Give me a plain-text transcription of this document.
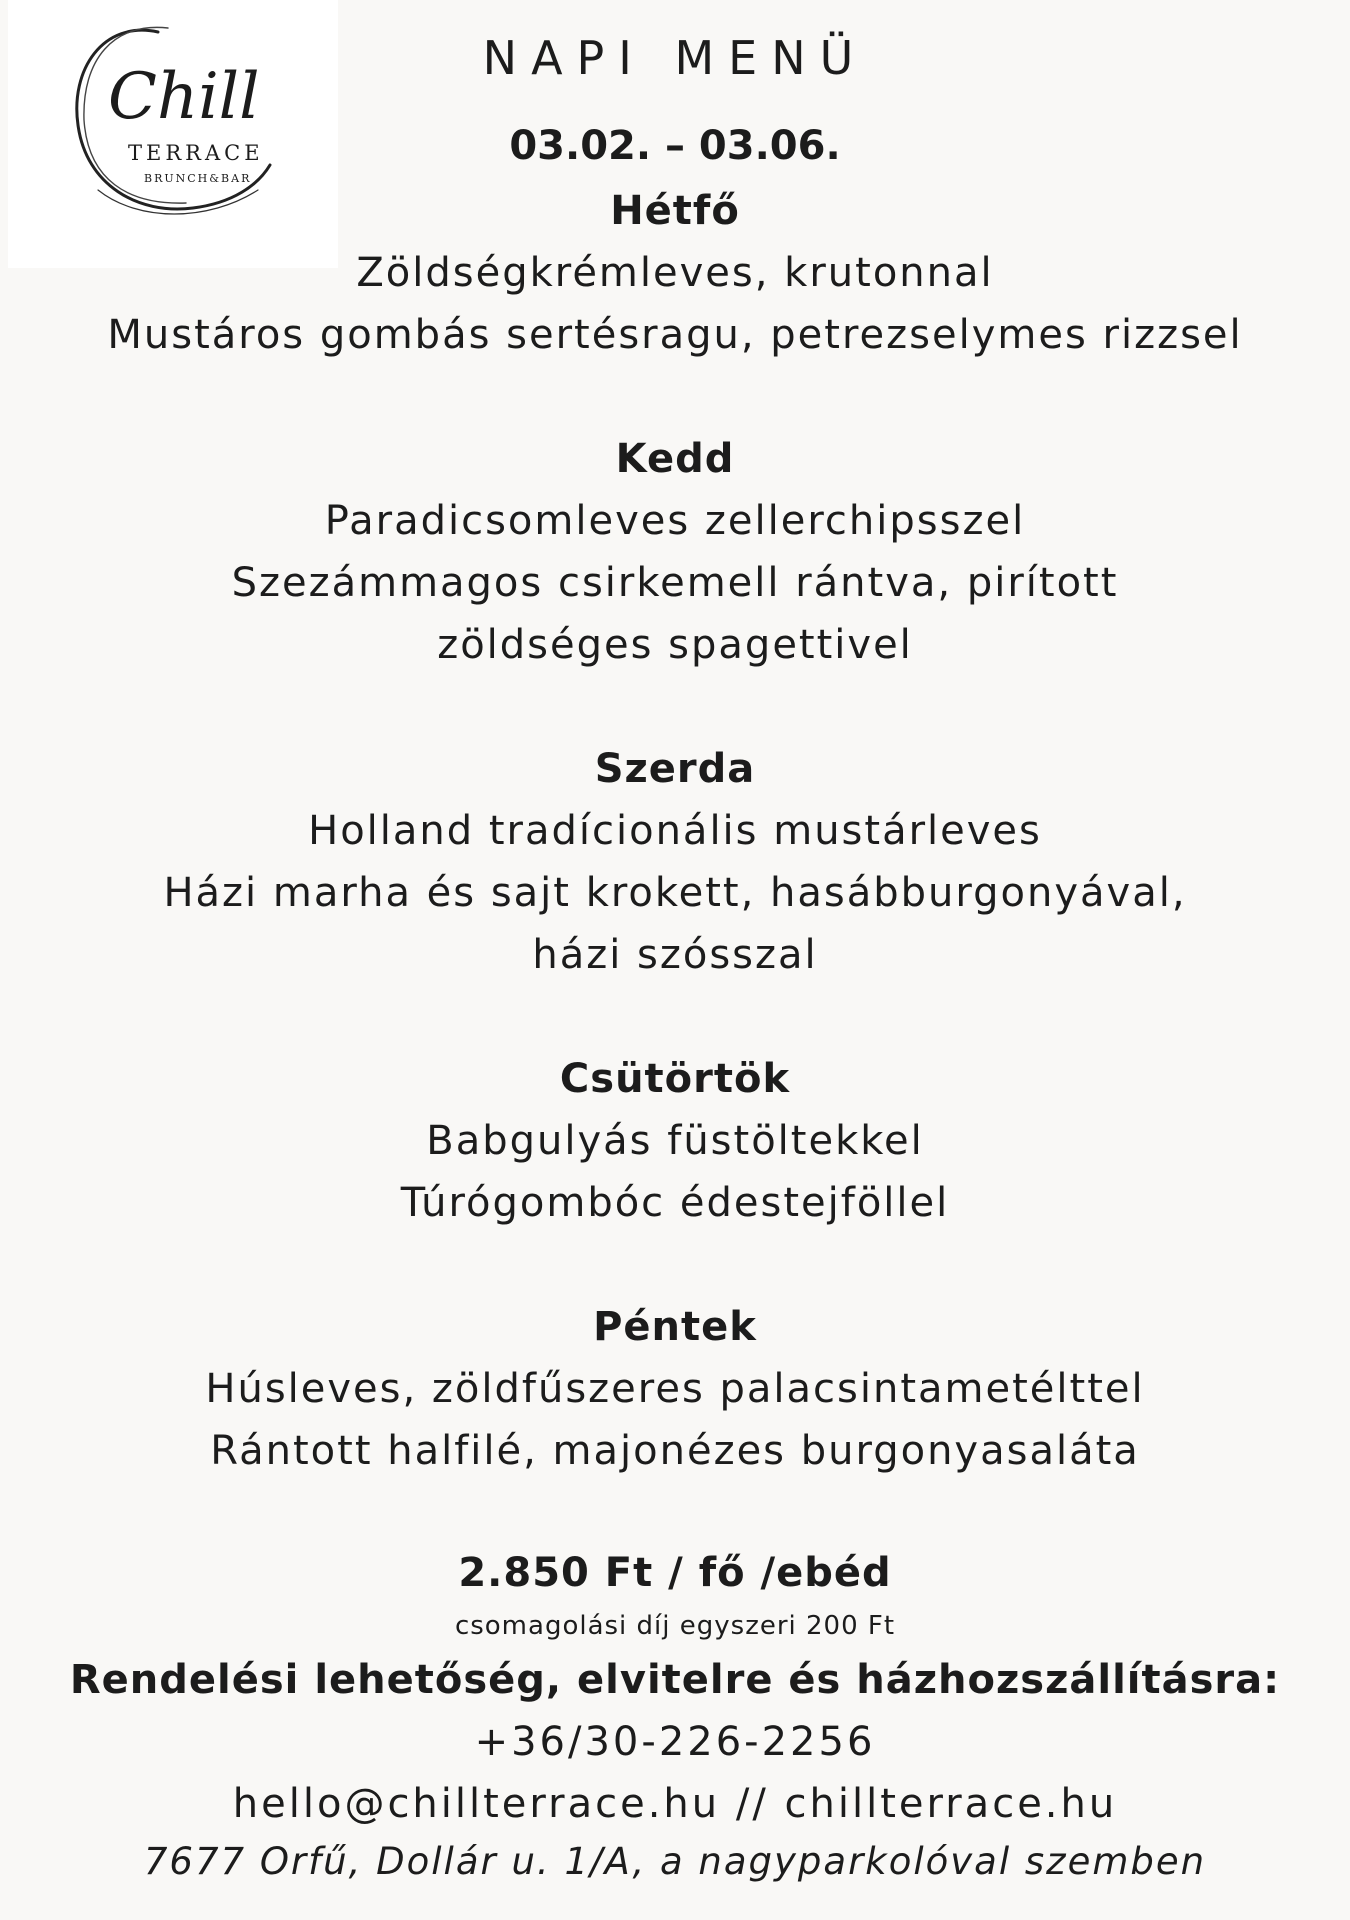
Chill
TERRACE
BRUNCH&BAR
NAPI MENÜ
03.02. – 03.06.
Hétfő
Zöldségkrémleves, krutonnal
Mustáros gombás sertésragu, petrezselymes rizzsel
Kedd
Paradicsomleves zellerchipsszel
Szezámmagos csirkemell rántva, pirított zöldséges spagettivel
Szerda
Holland tradícionális mustárleves
Házi marha és sajt krokett, hasábburgonyával, házi szósszal
Csütörtök
Babgulyás füstöltekkel
Túrógombóc édestejföllel
Péntek
Húsleves, zöldfűszeres palacsintametélttel
Rántott halfilé, majonézes burgonyasaláta
2.850 Ft / fő /ebéd
csomagolási díj egyszeri 200 Ft
Rendelési lehetőség, elvitelre és házhozszállításra:
+36/30-226-2256
hello@chillterrace.hu // chillterrace.hu
7677 Orfű, Dollár u. 1/A, a nagyparkolóval szemben
